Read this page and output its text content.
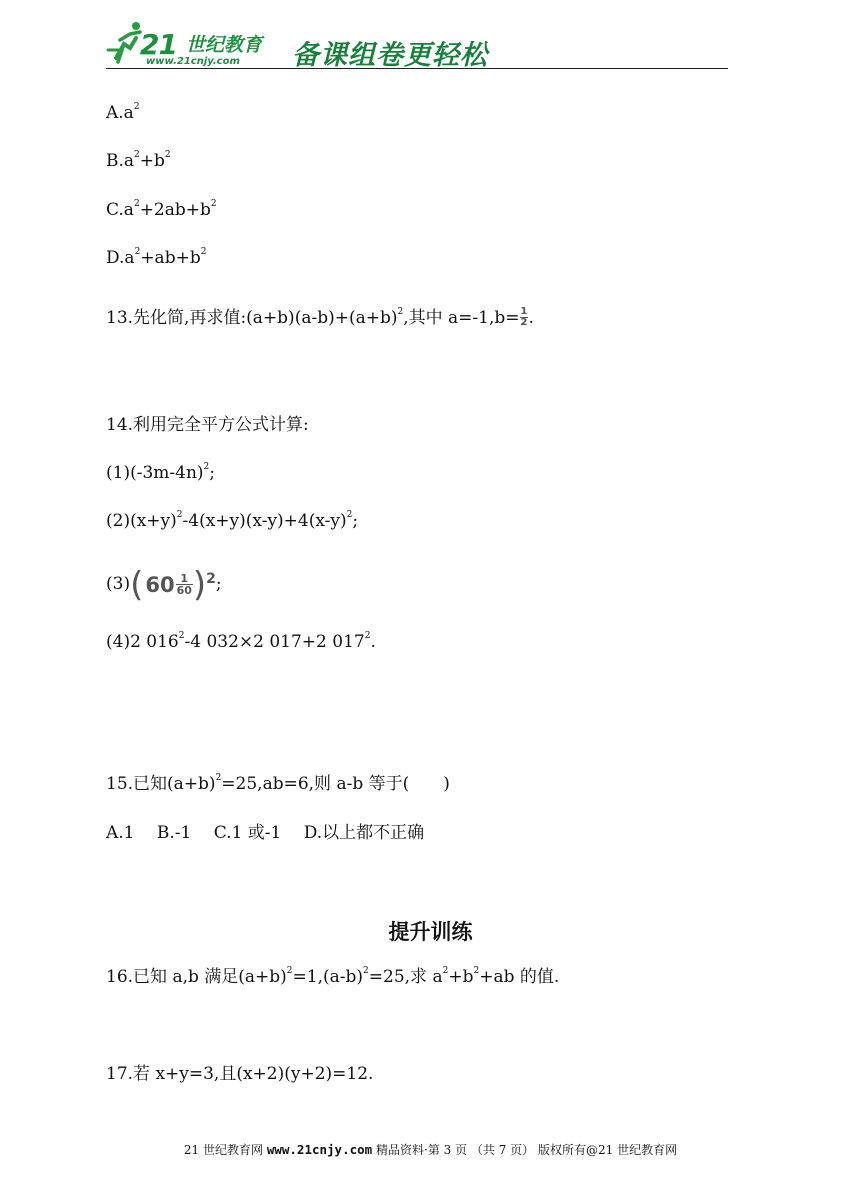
21 世纪教育
www.21cnjy.com 备课组卷更轻松
$A.a^2$
$B.a^2+b^2$
$C.a^2+2ab+b^2$
$D.a^2+ab+b^2$
13.先化简,再求值$:(a+b)(a-b)+(a+b)^2$,其中 $a=-1,b= \frac{1}{2}$ .
14.利用完全平方公式计算:
$(1)(-3m-4n)^2$;
$(2)(x+y)^2-4(x+y)(x-y)+4(x-y)^2$;
(3) ( $60 \frac{1}{60}$ ) 2 ;
(4)2 $016^2-4$ 032×2 017+2 $017^2$.
15.已知$(a+b)^2=25,ab=6$,则 a-b 等于(　　)
A.1　 B.-1　 C.1 或-1　 D.以上都不正确
提升训练
16.已知 a,b 满足$(a+b)^2=1,(a-b)^2=25$,求 $a^2+b^2+ab$ 的值.
17.若 x+y=3,且(x+2)(y+2)=12.
21 世纪教育网 www.21cnjy.com 精品资料·第 3 页 （共 7 页） 版权所有@21 世纪教育网
